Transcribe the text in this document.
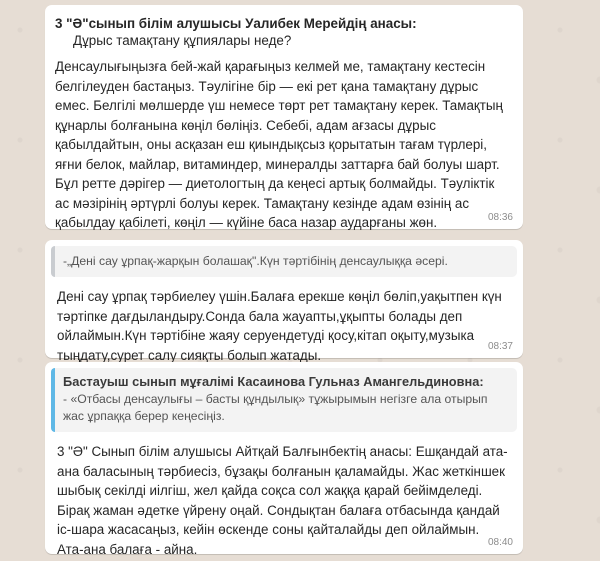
3 "Ә"сынып білім алушысы Уалибек Мерейдің анасы:
Дұрыс тамақтану құпиялары неде?
Денсаулығыңызға бей-жай қарағыңыз келмей ме, тамақтану кестесін
белгілеуден бастаңыз. Тәулігіне бір — екі рет қана тамақтану дұрыс
емес. Белгілі мөлшерде үш немесе төрт рет тамақтану керек. Тамақтың
құнарлы болғанына көңіл бөліңіз. Себебі, адам ағзасы дұрыс
қабылдайтын, оны асқазан еш қиындықсыз қорытатын тағам түрлері,
яғни белок, майлар, витаминдер, минералды заттарға бай болуы шарт.
Бұл ретте дәрігер — диетологтың да кеңесі артық болмайды. Тәуліктік
ас мәзірінің әртүрлі болуы керек. Тамақтану кезінде адам өзінің ас
қабылдау қабілеті, көңіл — күйіне баса назар аударғаны жөн.	08:36
-„Дені сау ұрпақ-жарқын болашақ".Күн тәртібінің денсаулыққа әсері.
Дені сау ұрпақ тәрбиелеу үшін.Балаға ерекше көңіл бөліп,уақытпен күн
тәртіпке дағдыландыру.Сонда бала жауапты,ұқыпты болады деп
ойлаймын.Күн тәртібіне жаяу серуендетуді қосу,кітап оқыту,музыка
тыңдату,сурет салу сияқты болып жатады.
08:37
Бастауыш сынып мұғалімі Касаинова Гульназ Амангельдиновна:
- «Отбасы денсаулығы – басты құндылық» тұжырымын негізге ала отырып
жас ұрпаққа берер кеңесіңіз.
3 "Ә" Сынып білім алушысы Айтқай Балғынбектің анасы: Ешқандай ата-
ана баласының тәрбиесіз, бұзақы болғанын қаламайды. Жас жеткіншек
шыбық секілді иілгіш, жел қайда соқса сол жаққа қарай бейімделеді.
Бірақ жаман әдетке үйрену оңай. Сондықтан балаға отбасында қандай
іс-шара жасасаңыз, кейін өскенде соны қайталайды деп ойлаймын.
Ата-ана балаға - айна.	08:40
